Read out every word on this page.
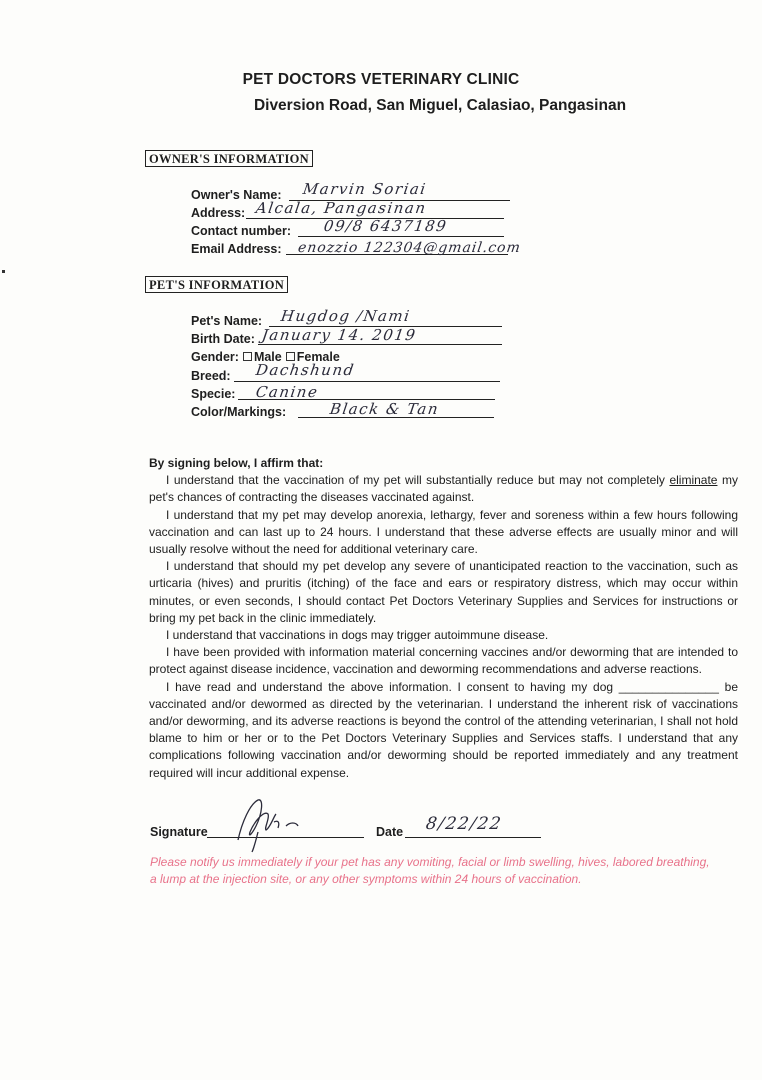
PET DOCTORS VETERINARY CLINIC
Diversion Road, San Miguel, Calasiao, Pangasinan
OWNER'S INFORMATION
Owner's Name: Marvin Soriai
Address: Alcala, Pangasinan
Contact number: 09/8 6437189
Email Address: enozzio 122304@gmail.com
PET'S INFORMATION
Pet's Name: Hugdog /Nami
Birth Date: January 14. 2019
Gender: Male Female
Breed: Dachshund
Specie: Canine
Color/Markings:	Black & Tan

By signing below, I affirm that:

I understand that the vaccination of my pet will substantially reduce but may not completely eliminate my pet's chances of contracting the diseases vaccinated against.

I understand that my pet may develop anorexia, lethargy, fever and soreness within a few hours following vaccination and can last up to 24 hours. I understand that these adverse effects are usually minor and will usually resolve without the need for additional veterinary care.

I understand that should my pet develop any severe of unanticipated reaction to the vaccination, such as urticaria (hives) and pruritis (itching) of the face and ears or respiratory distress, which may occur within minutes, or even seconds, I should contact Pet Doctors Veterinary Supplies and Services for instructions or bring my pet back in the clinic immediately.

I understand that vaccinations in dogs may trigger autoimmune disease.

I have been provided with information material concerning vaccines and/or deworming that are intended to protect against disease incidence, vaccination and deworming recommendations and adverse reactions.

I have read and understand the above information. I consent to having my dog _______________ be vaccinated and/or dewormed as directed by the veterinarian. I understand the inherent risk of vaccinations and/or deworming, and its adverse reactions is beyond the control of the attending veterinarian, I shall not hold blame to him or her or to the Pet Doctors Veterinary Supplies and Services staffs. I understand that any complications following vaccination and/or deworming should be reported immediately and any treatment required will incur additional expense.

Signature	Date 8/22/22
Please notify us immediately if your pet has any vomiting, facial or limb swelling, hives, labored breathing, a lump at the injection site, or any other symptoms within 24 hours of vaccination.
